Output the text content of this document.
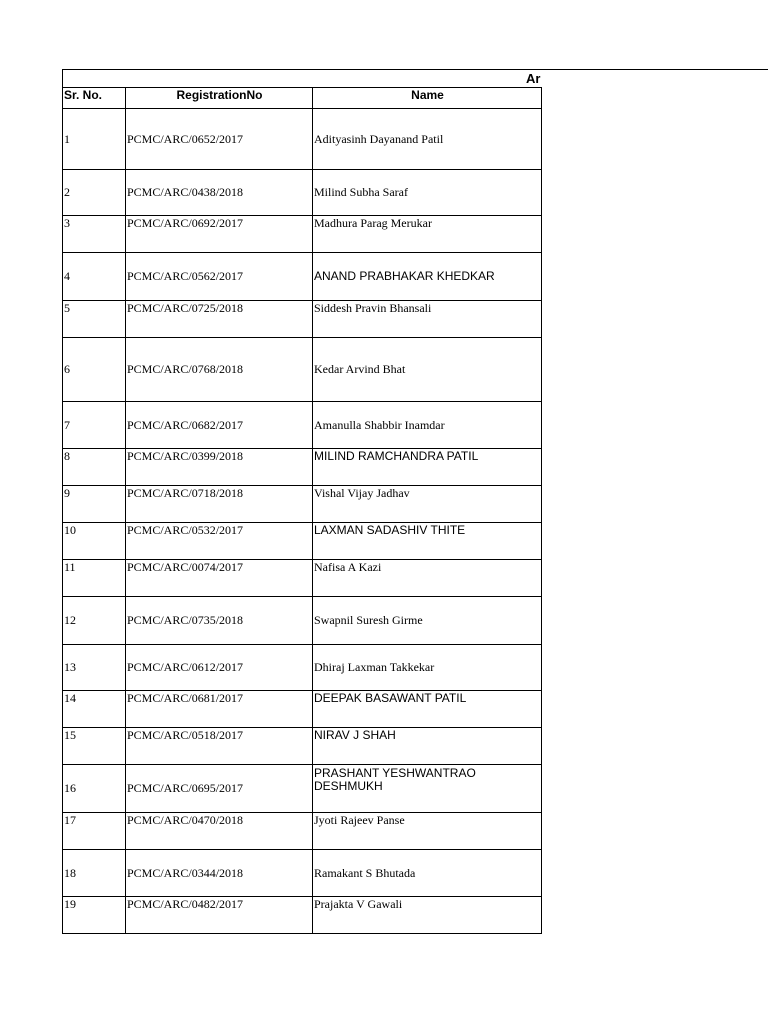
Ar
Sr. No.	RegistrationNo	Name
1	PCMC/ARC/0652/2017	Adityasinh Dayanand Patil
2	PCMC/ARC/0438/2018	Milind Subha Saraf
3	PCMC/ARC/0692/2017	Madhura Parag Merukar
4	PCMC/ARC/0562/2017	ANAND PRABHAKAR KHEDKAR
5	PCMC/ARC/0725/2018	Siddesh Pravin Bhansali
6	PCMC/ARC/0768/2018	Kedar Arvind Bhat
7	PCMC/ARC/0682/2017	Amanulla Shabbir Inamdar
8	PCMC/ARC/0399/2018	MILIND RAMCHANDRA PATIL
9	PCMC/ARC/0718/2018	Vishal Vijay Jadhav
10	PCMC/ARC/0532/2017	LAXMAN SADASHIV THITE
11	PCMC/ARC/0074/2017	Nafisa A Kazi
12	PCMC/ARC/0735/2018	Swapnil Suresh Girme
13	PCMC/ARC/0612/2017	Dhiraj Laxman Takkekar
14	PCMC/ARC/0681/2017	DEEPAK BASAWANT PATIL
15	PCMC/ARC/0518/2017	NIRAV J SHAH
16	PCMC/ARC/0695/2017	PRASHANT YESHWANTRAO DESHMUKH
17	PCMC/ARC/0470/2018	Jyoti Rajeev Panse
18	PCMC/ARC/0344/2018	Ramakant S Bhutada
19	PCMC/ARC/0482/2017	Prajakta V Gawali
